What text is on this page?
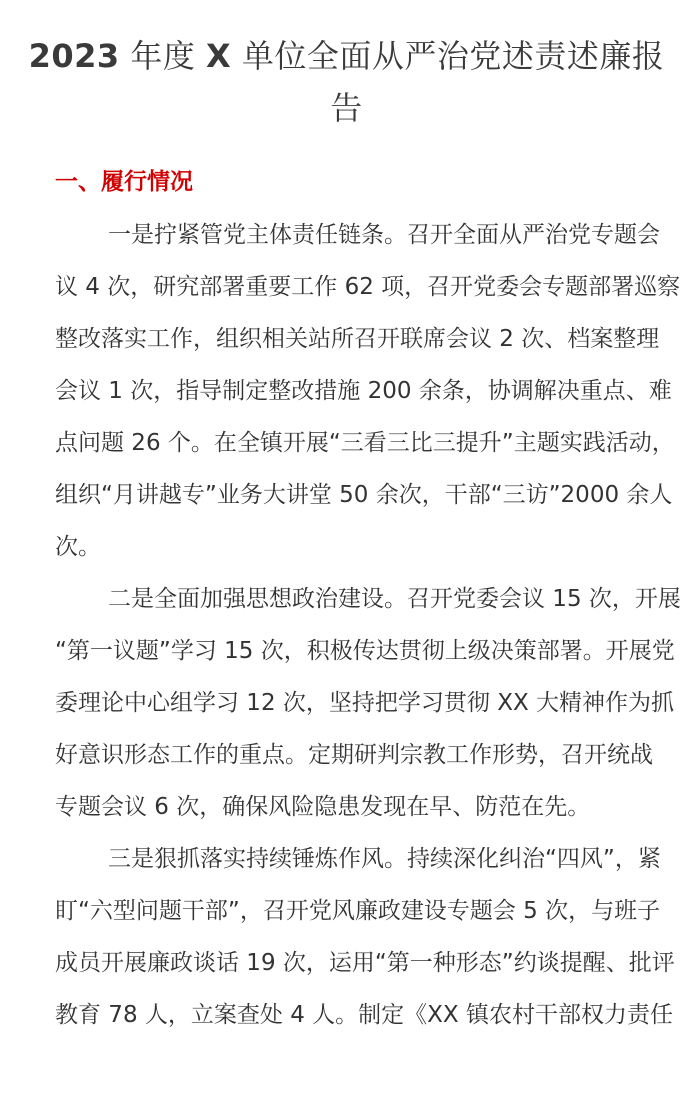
2023 年度 X 单位全面从严治党述责述廉报
告
一、履行情况
一是拧紧管党主体责任链条。召开全面从严治党专题会
议 4 次，研究部署重要工作 62 项，召开党委会专题部署巡察
整改落实工作，组织相关站所召开联席会议 2 次、档案整理
会议 1 次，指导制定整改措施 200 余条，协调解决重点、难
点问题 26 个。在全镇开展“三看三比三提升”主题实践活动，
组织“月讲越专”业务大讲堂 50 余次，干部“三访”2000 余人
次。
二是全面加强思想政治建设。召开党委会议 15 次，开展
“第一议题”学习 15 次，积极传达贯彻上级决策部署。开展党
委理论中心组学习 12 次，坚持把学习贯彻 XX 大精神作为抓
好意识形态工作的重点。定期研判宗教工作形势，召开统战
专题会议 6 次，确保风险隐患发现在早、防范在先。
三是狠抓落实持续锤炼作风。持续深化纠治“四风”，紧
盯“六型问题干部”，召开党风廉政建设专题会 5 次，与班子
成员开展廉政谈话 19 次，运用“第一种形态”约谈提醒、批评
教育 78 人，立案查处 4 人。制定《XX 镇农村干部权力责任
